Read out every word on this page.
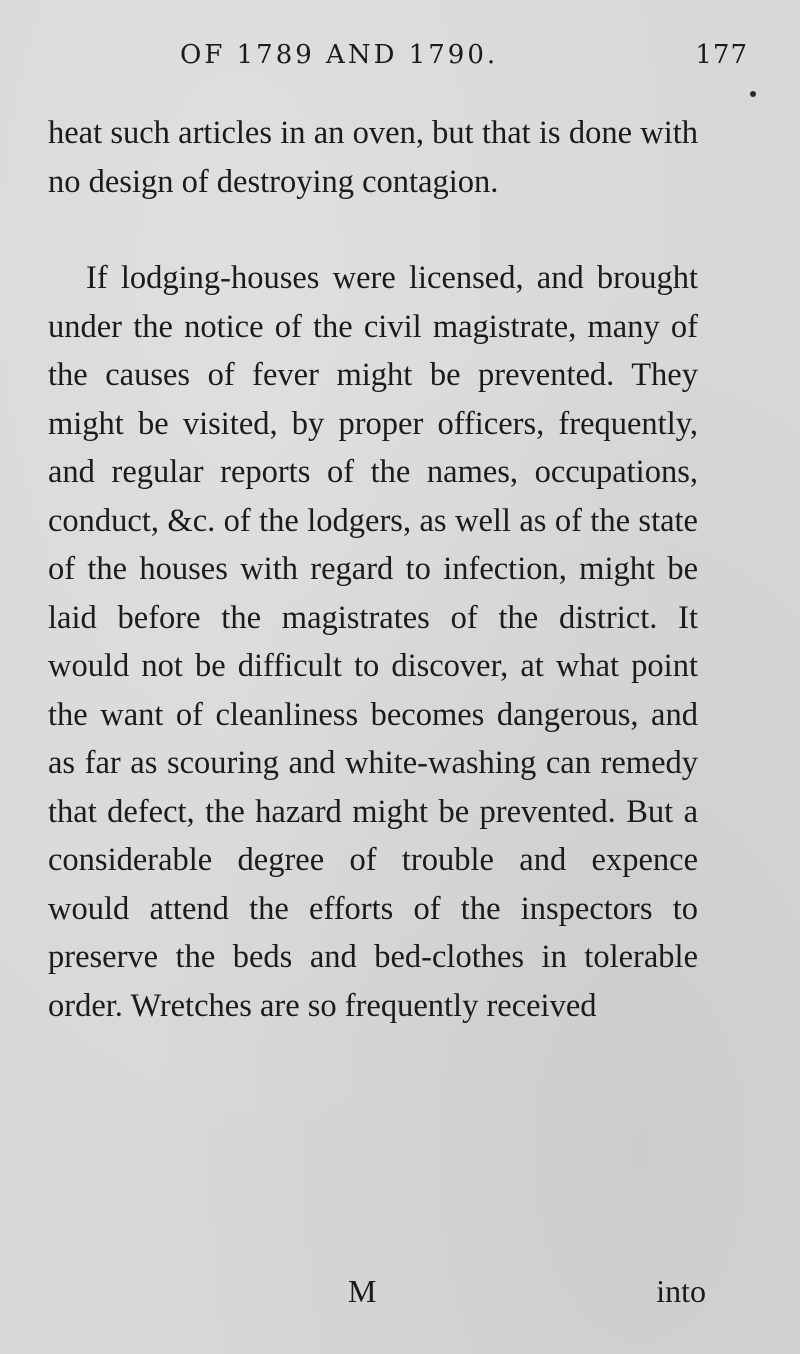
OF 1789 AND 1790.	177

heat such articles in an oven, but that is done with no design of destroying contagion.

If lodging-houses were licensed, and brought under the notice of the civil magistrate, many of the causes of fever might be prevented. They might be visited, by proper officers, frequently, and regular reports of the names, occupations, conduct, &c. of the lodgers, as well as of the state of the houses with regard to infection, might be laid before the magistrates of the district. It would not be difficult to discover, at what point the want of cleanliness becomes dangerous, and as far as scouring and white-washing can remedy that defect, the hazard might be prevented. But a considerable degree of trouble and expence would attend the efforts of the inspectors to preserve the beds and bed-clothes in tolerable order. Wretches are so frequently received

M	into
